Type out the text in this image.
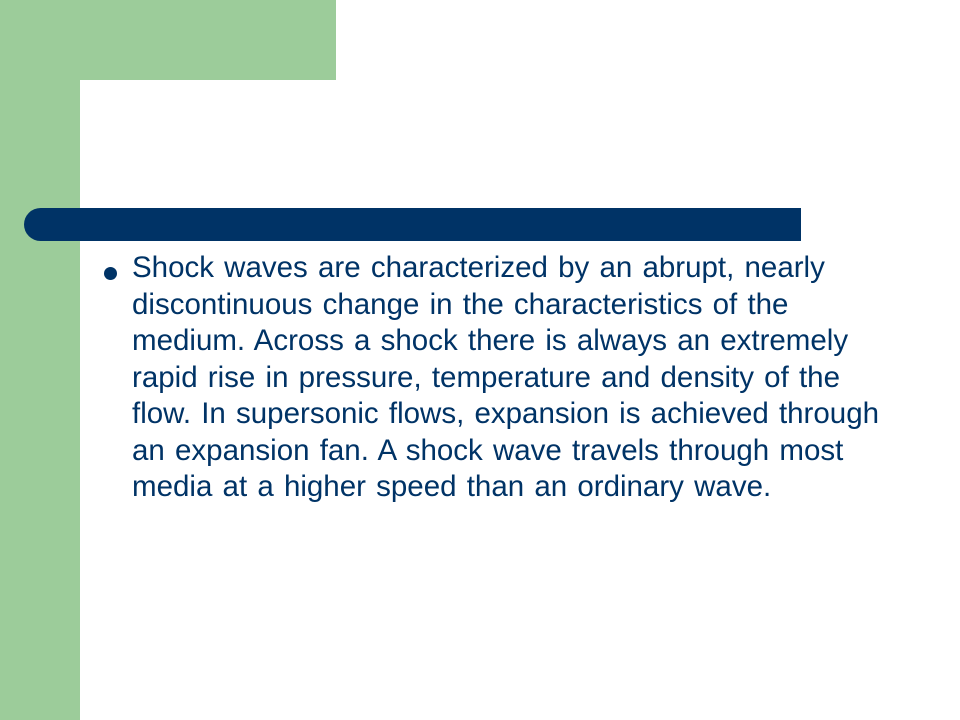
Shock waves are characterized by an abrupt, nearly discontinuous change in the characteristics of the medium. Across a shock there is always an extremely rapid rise in pressure, temperature and density of the flow. In supersonic flows, expansion is achieved through an expansion fan. A shock wave travels through most media at a higher speed than an ordinary wave.
